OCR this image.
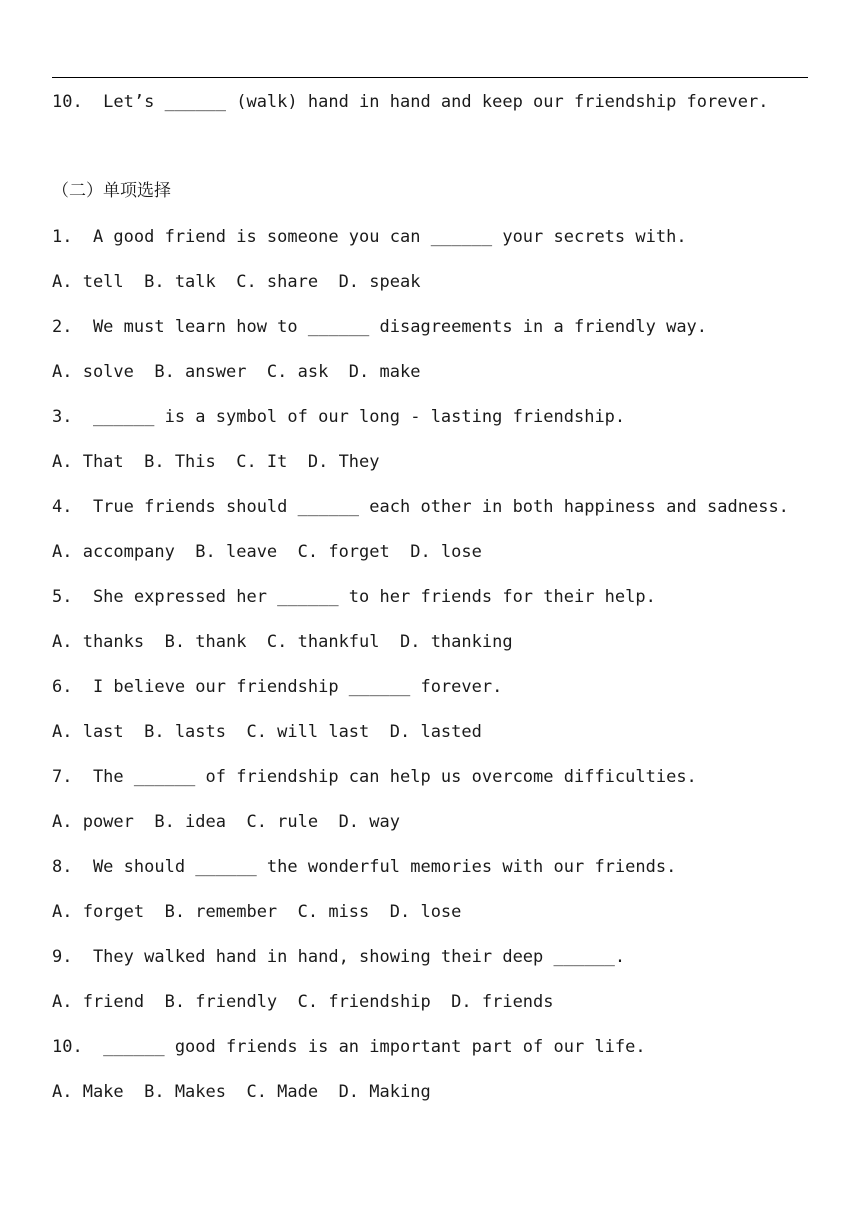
10.  Let’s ______ (walk) hand in hand and keep our friendship forever.
（二）单项选择
1.  A good friend is someone you can ______ your secrets with.
A. tell  B. talk  C. share  D. speak
2.  We must learn how to ______ disagreements in a friendly way.
A. solve  B. answer  C. ask  D. make
3.  ______ is a symbol of our long - lasting friendship.
A. That  B. This  C. It  D. They
4.  True friends should ______ each other in both happiness and sadness.
A. accompany  B. leave  C. forget  D. lose
5.  She expressed her ______ to her friends for their help.
A. thanks  B. thank  C. thankful  D. thanking
6.  I believe our friendship ______ forever.
A. last  B. lasts  C. will last  D. lasted
7.  The ______ of friendship can help us overcome difficulties.
A. power  B. idea  C. rule  D. way
8.  We should ______ the wonderful memories with our friends.
A. forget  B. remember  C. miss  D. lose
9.  They walked hand in hand, showing their deep ______.
A. friend  B. friendly  C. friendship  D. friends
10.  ______ good friends is an important part of our life.
A. Make  B. Makes  C. Made  D. Making
